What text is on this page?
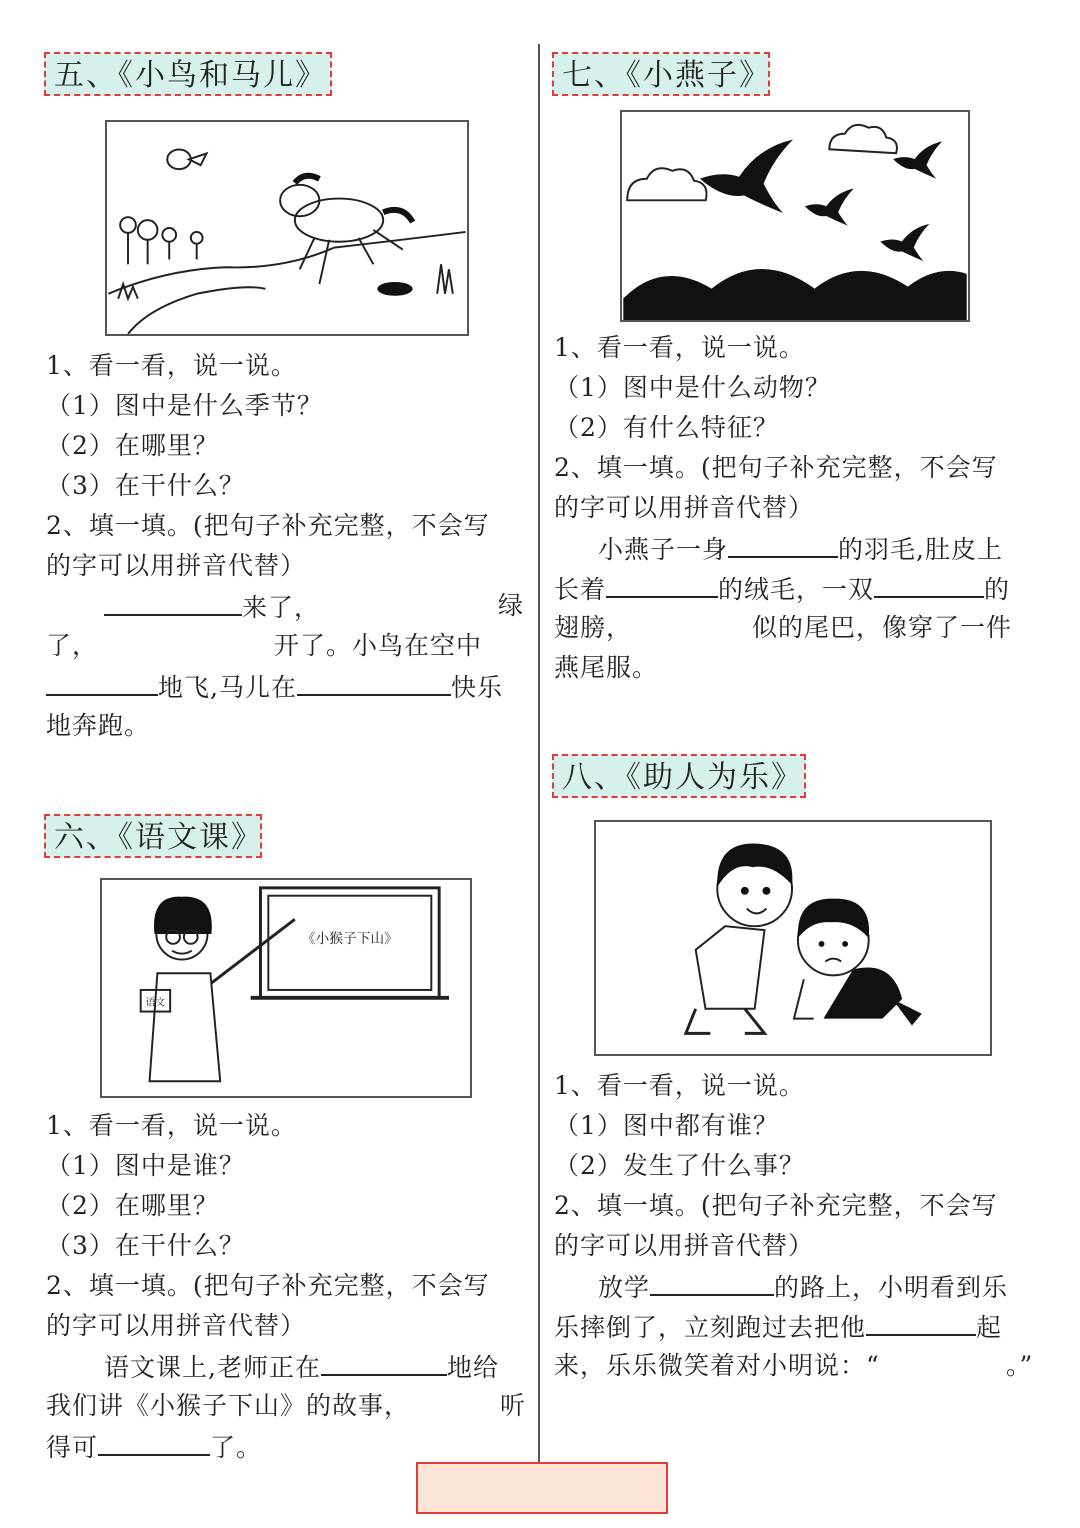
五、《小鸟和马儿》
1、看一看，说一说。
（1）图中是什么季节？
（2）在哪里？
（3）在干什么？
2、填一填。(把句子补充完整，不会写
的字可以用拼音代替）
来了，	绿
了，	开了。小鸟在空中
地飞,马儿在	快乐
地奔跑。
六、《语文课》
《小猴子下山》
语文
1、看一看，说一说。
（1）图中是谁？
（2）在哪里？
（3）在干什么？
2、填一填。(把句子补充完整，不会写
的字可以用拼音代替）
语文课上,老师正在	地给
我们讲《小猴子下山》的故事，	听
得可	了。
七、《小燕子》
1、看一看，说一说。
（1）图中是什么动物？
（2）有什么特征？
2、填一填。(把句子补充完整，不会写
的字可以用拼音代替）
小燕子一身	的羽毛,肚皮上
长着	的绒毛，一双	的
翅膀，	似的尾巴，像穿了一件
燕尾服。
八、《助人为乐》
1、看一看，说一说。
（1）图中都有谁？
（2）发生了什么事？
2、填一填。(把句子补充完整，不会写
的字可以用拼音代替）
放学	的路上，小明看到乐
乐摔倒了，立刻跑过去把他	起
来，乐乐微笑着对小明说：“	。”
